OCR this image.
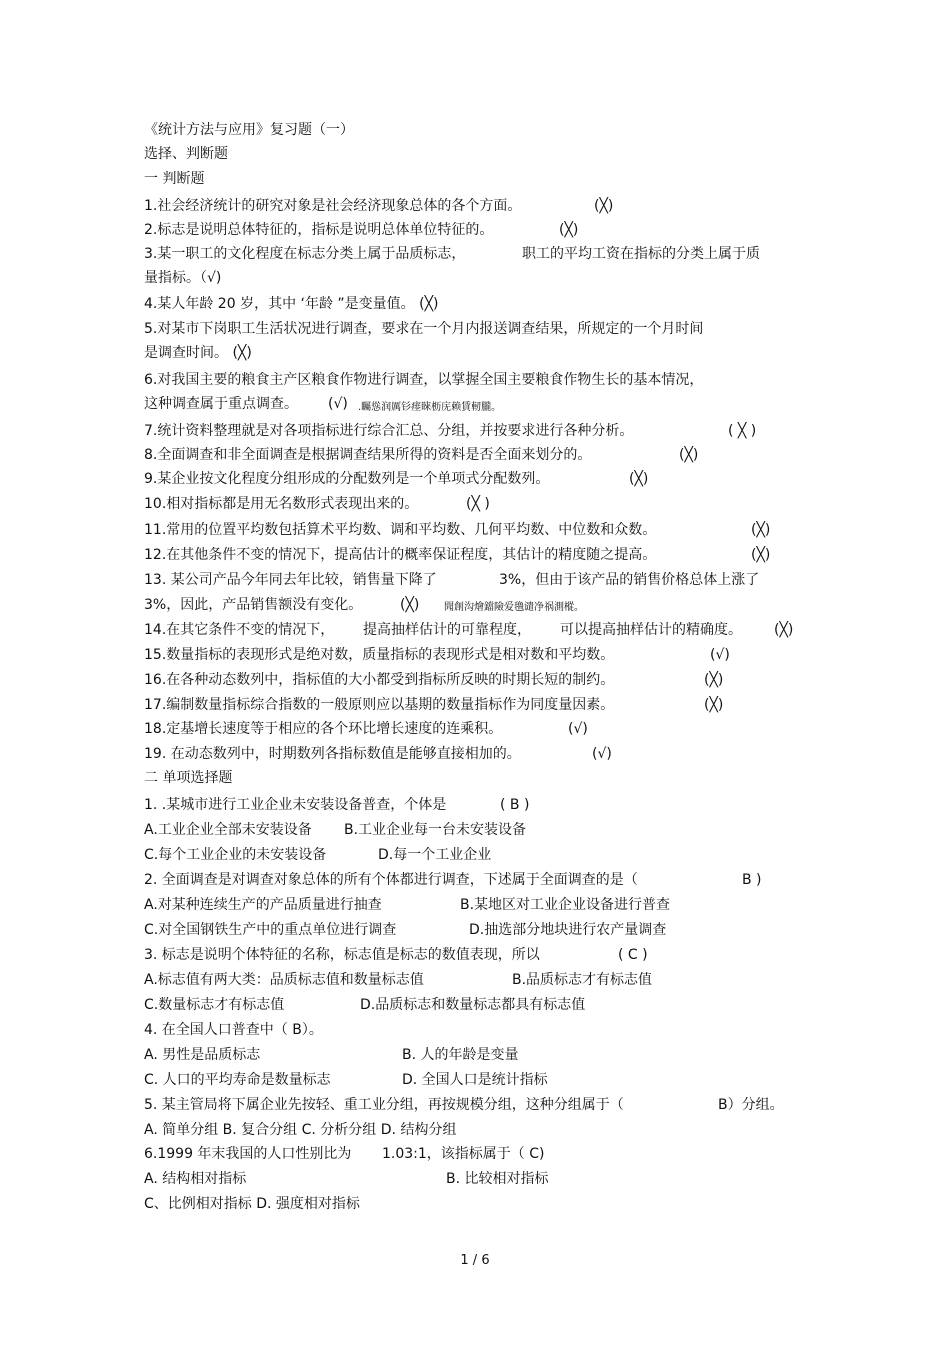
《统计方法与应用》复习题（一）
选择、判断题
一 判断题
1.社会经济统计的研究对象是社会经济现象总体的各个方面。	(╳)
2.标志是说明总体特征的，指标是说明总体单位特征的。	(╳)
3.某一职工的文化程度在标志分类上属于品质标志，	职工的平均工资在指标的分类上属于质
量指标。（√)
4.某人年龄 20 岁，其中 ‘年龄 ”是变量值。 (╳)
5.对某市下岗职工生活状况进行调查，要求在一个月内报送调查结果，所规定的一个月时间
是调查时间。 (╳)
6.对我国主要的粮食主产区粮食作物进行调查，以掌握全国主要粮食作物生长的基本情况，
这种调查属于重点调查。 (√) .矚慫润厲钐瘗睞枥庑赖賃軔朧。
7.统计资料整理就是对各项指标进行综合汇总、分组，并按要求进行各种分析。	( ╳ )
8.全面调查和非全面调查是根据调查结果所得的资料是否全面来划分的。	(╳)
9.某企业按文化程度分组形成的分配数列是一个单项式分配数列。	(╳)
10.相对指标都是用无名数形式表现出来的。	(╳ )
11.常用的位置平均数包括算术平均数、调和平均数、几何平均数、中位数和众数。	(╳)
12.在其他条件不变的情况下，提高估计的概率保证程度，其估计的精度随之提高。	(╳)
13. 某公司产品今年同去年比较，销售量下降了	3%，但由于该产品的销售价格总体上涨了
3%，因此，产品销售额没有变化。	(╳) 聞創沟燴鐺險爱氇谴净祸測樅。
14.在其它条件不变的情况下， 提高抽样估计的可靠程度， 可以提高抽样估计的精确度。 (╳)
15.数量指标的表现形式是绝对数，质量指标的表现形式是相对数和平均数。	(√)
16.在各种动态数列中，指标值的大小都受到指标所反映的时期长短的制约。	(╳)
17.编制数量指标综合指数的一般原则应以基期的数量指标作为同度量因素。	(╳)
18.定基增长速度等于相应的各个环比增长速度的连乘积。	(√)
19. 在动态数列中，时期数列各指标数值是能够直接相加的。	(√)
二 单项选择题
1. .某城市进行工业企业未安装设备普查，个体是	( B )
A.工业企业全部未安装设备 B.工业企业每一台未安装设备
C.每个工业企业的未安装设备	D.每一个工业企业
2. 全面调查是对调查对象总体的所有个体都进行调查，下述属于全面调查的是（	B )
A.对某种连续生产的产品质量进行抽查	B.某地区对工业企业设备进行普查
C.对全国钢铁生产中的重点单位进行调查	D.抽选部分地块进行农产量调查
3. 标志是说明个体特征的名称，标志值是标志的数值表现，所以	( C )
A.标志值有两大类：品质标志值和数量标志值	B.品质标志才有标志值
C.数量标志才有标志值	D.品质标志和数量标志都具有标志值
4. 在全国人口普查中（ B）。
A. 男性是品质标志	B. 人的年龄是变量
C. 人口的平均寿命是数量标志	D. 全国人口是统计指标
5. 某主管局将下属企业先按轻、重工业分组，再按规模分组，这种分组属于（	B）分组。
A. 简单分组 B. 复合分组 C. 分析分组 D. 结构分组
6.1999 年末我国的人口性别比为 1.03:1，该指标属于（ C)
A. 结构相对指标	B. 比较相对指标
C、比例相对指标 D. 强度相对指标
1 / 6
